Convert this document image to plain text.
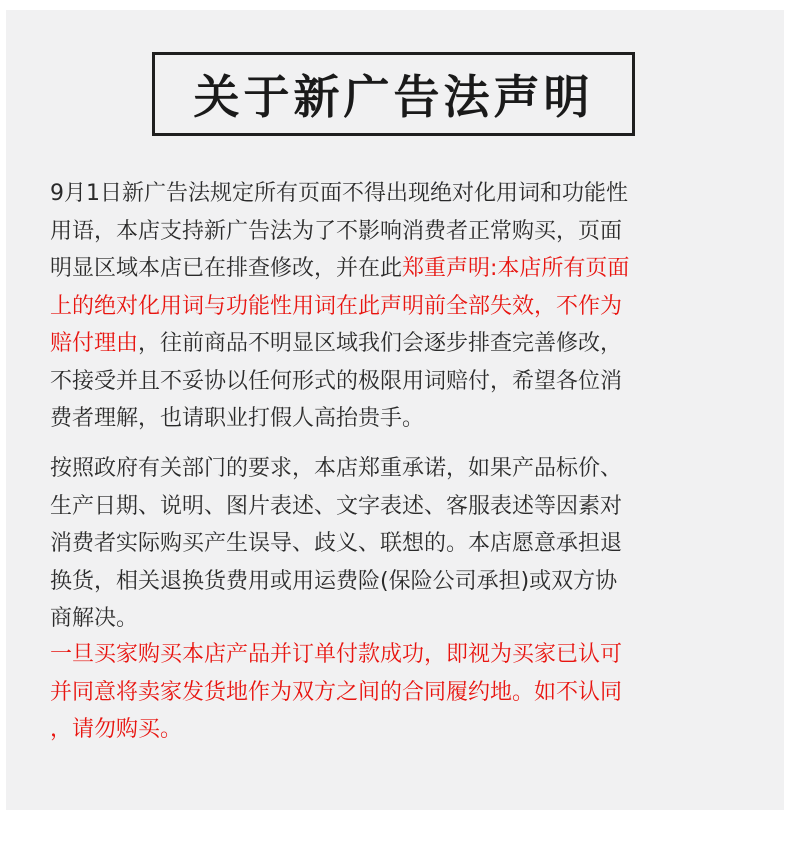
关于新广告法声明

9月1日新广告法规定所有页面不得出现绝对化用词和功能性
用语，本店支持新广告法为了不影响消费者正常购买，页面
明显区域本店已在排查修改，并在此郑重声明:本店所有页面
上的绝对化用词与功能性用词在此声明前全部失效，不作为
赔付理由，往前商品不明显区域我们会逐步排查完善修改，
不接受并且不妥协以任何形式的极限用词赔付，希望各位消
费者理解，也请职业打假人高抬贵手。

按照政府有关部门的要求，本店郑重承诺，如果产品标价、
生产日期、说明、图片表述、文字表述、客服表述等因素对
消费者实际购买产生误导、歧义、联想的。本店愿意承担退
换货，相关退换货费用或用运费险(保险公司承担)或双方协
商解决。

一旦买家购买本店产品并订单付款成功，即视为买家已认可
并同意将卖家发货地作为双方之间的合同履约地。如不认同
，请勿购买。
